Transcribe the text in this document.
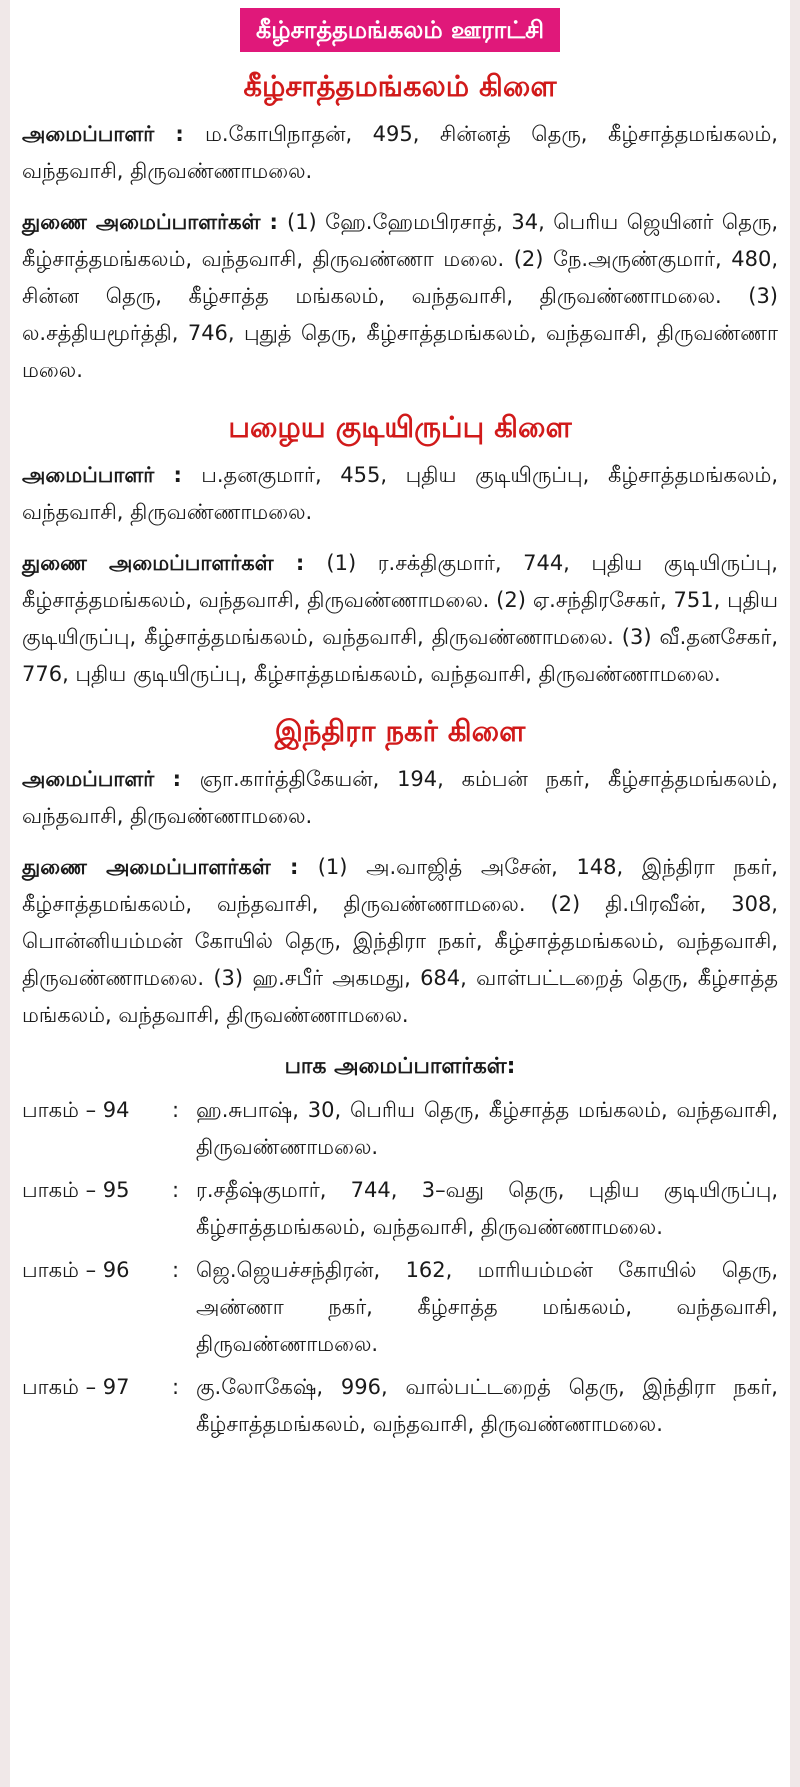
கீழ்சாத்தமங்கலம் ஊராட்சி
கீழ்சாத்தமங்கலம் கிளை

அமைப்பாளர் : ம.கோபிநாதன், 495, சின்னத் தெரு, கீழ்சாத்தமங்கலம், வந்தவாசி, திருவண்ணாமலை.

துணை அமைப்பாளர்கள் : (1) ஹே.ஹேமபிரசாத், 34, பெரிய ஜெயினர் தெரு, கீழ்சாத்தமங்கலம், வந்தவாசி, திருவண்ணா மலை. (2) நே.அருண்குமார், 480, சின்ன தெரு, கீழ்சாத்த மங்கலம், வந்தவாசி, திருவண்ணாமலை. (3) ல.சத்தியமூர்த்தி, 746, புதுத் தெரு, கீழ்சாத்தமங்கலம், வந்தவாசி, திருவண்ணா மலை.

பழைய குடியிருப்பு கிளை

அமைப்பாளர் : ப.தனகுமார், 455, புதிய குடியிருப்பு, கீழ்சாத்தமங்கலம், வந்தவாசி, திருவண்ணாமலை.

துணை அமைப்பாளர்கள் : (1) ர.சக்திகுமார், 744, புதிய குடியிருப்பு, கீழ்சாத்தமங்கலம், வந்தவாசி, திருவண்ணாமலை. (2) ஏ.சந்திரசேகர், 751, புதிய குடியிருப்பு, கீழ்சாத்தமங்கலம், வந்தவாசி, திருவண்ணாமலை. (3) வீ.தனசேகர், 776, புதிய குடியிருப்பு, கீழ்சாத்தமங்கலம், வந்தவாசி, திருவண்ணாமலை.

இந்திரா நகர் கிளை

அமைப்பாளர் : ஞா.கார்த்திகேயன், 194, கம்பன் நகர், கீழ்சாத்தமங்கலம், வந்தவாசி, திருவண்ணாமலை.

துணை அமைப்பாளர்கள் : (1) அ.வாஜித் அசேன், 148, இந்திரா நகர், கீழ்சாத்தமங்கலம், வந்தவாசி, திருவண்ணாமலை. (2) தி.பிரவீன், 308, பொன்னியம்மன் கோயில் தெரு, இந்திரா நகர், கீழ்சாத்தமங்கலம், வந்தவாசி, திருவண்ணாமலை. (3) ஹ.சபீர் அகமது, 684, வாள்பட்டறைத் தெரு, கீழ்சாத்த மங்கலம், வந்தவாசி, திருவண்ணாமலை.

பாக அமைப்பாளர்கள்:
பாகம் – 94	: ஹ.சுபாஷ், 30, பெரிய தெரு, கீழ்சாத்த மங்கலம், வந்தவாசி, திருவண்ணாமலை.
பாகம் – 95	: ர.சதீஷ்குமார், 744, 3–வது தெரு, புதிய குடியிருப்பு, கீழ்சாத்தமங்கலம், வந்தவாசி, திருவண்ணாமலை.
பாகம் – 96	: ஜெ.ஜெயச்சந்திரன், 162, மாரியம்மன் கோயில் தெரு, அண்ணா நகர், கீழ்சாத்த மங்கலம், வந்தவாசி, திருவண்ணாமலை.
பாகம் – 97	: கு.லோகேஷ், 996, வால்பட்டறைத் தெரு, இந்திரா நகர், கீழ்சாத்தமங்கலம், வந்தவாசி, திருவண்ணாமலை.
